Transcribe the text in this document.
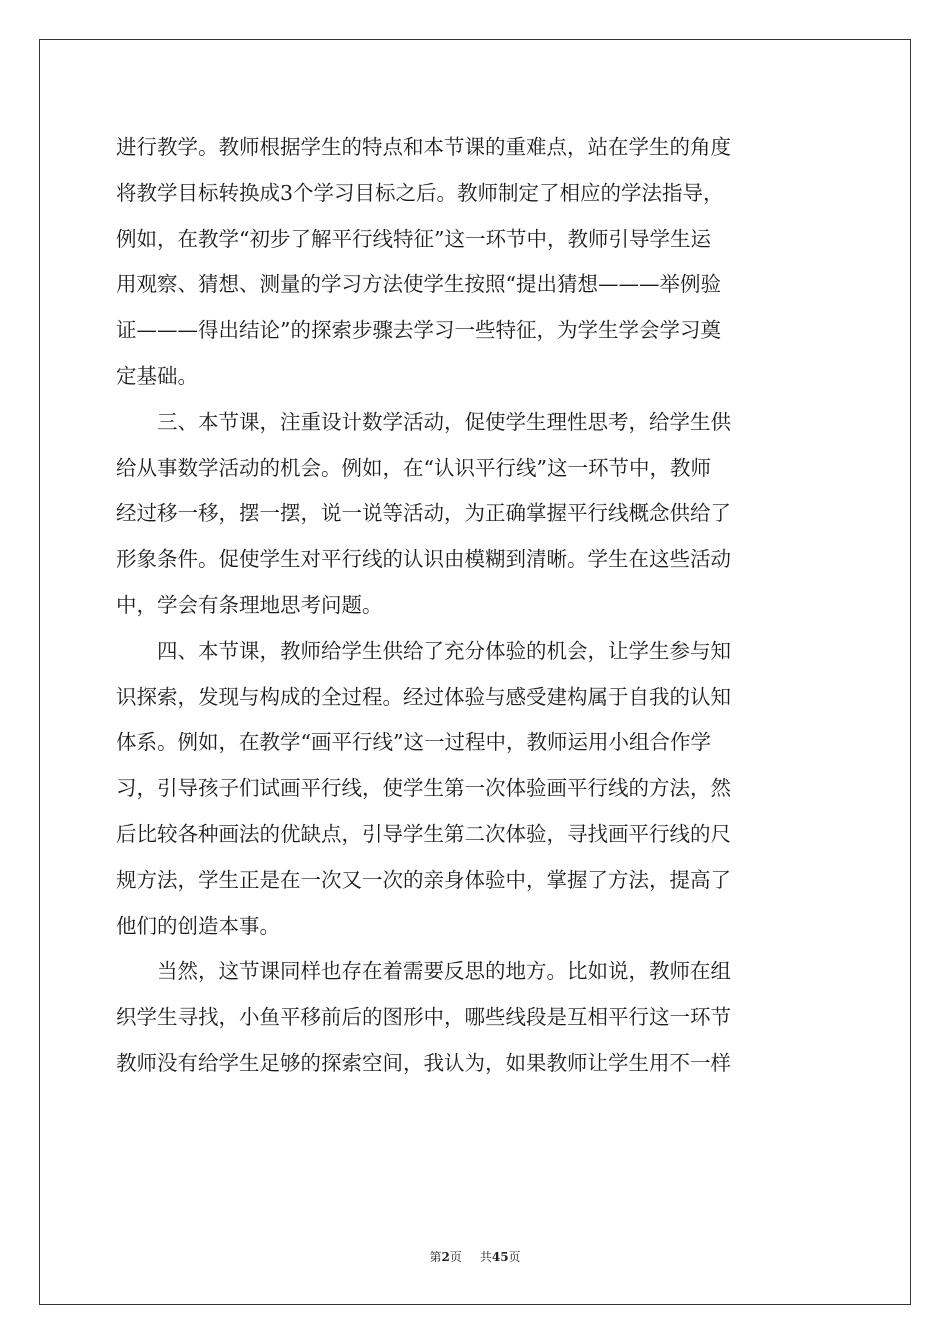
进行教学。教师根据学生的特点和本节课的重难点，站在学生的角度
将教学目标转换成3个学习目标之后。教师制定了相应的学法指导，
例如，在教学“初步了解平行线特征”这一环节中，教师引导学生运
用观察、猜想、测量的学习方法使学生按照“提出猜想———举例验
证———得出结论”的探索步骤去学习一些特征，为学生学会学习奠
定基础。
　　三、本节课，注重设计数学活动，促使学生理性思考，给学生供
给从事数学活动的机会。例如，在“认识平行线”这一环节中，教师
经过移一移，摆一摆，说一说等活动，为正确掌握平行线概念供给了
形象条件。促使学生对平行线的认识由模糊到清晰。学生在这些活动
中，学会有条理地思考问题。
　　四、本节课，教师给学生供给了充分体验的机会，让学生参与知
识探索，发现与构成的全过程。经过体验与感受建构属于自我的认知
体系。例如，在教学“画平行线”这一过程中，教师运用小组合作学
习，引导孩子们试画平行线，使学生第一次体验画平行线的方法，然
后比较各种画法的优缺点，引导学生第二次体验，寻找画平行线的尺
规方法，学生正是在一次又一次的亲身体验中，掌握了方法，提高了
他们的创造本事。
　　当然，这节课同样也存在着需要反思的地方。比如说，教师在组
织学生寻找，小鱼平移前后的图形中，哪些线段是互相平行这一环节
教师没有给学生足够的探索空间，我认为，如果教师让学生用不一样
第2页 共45页
